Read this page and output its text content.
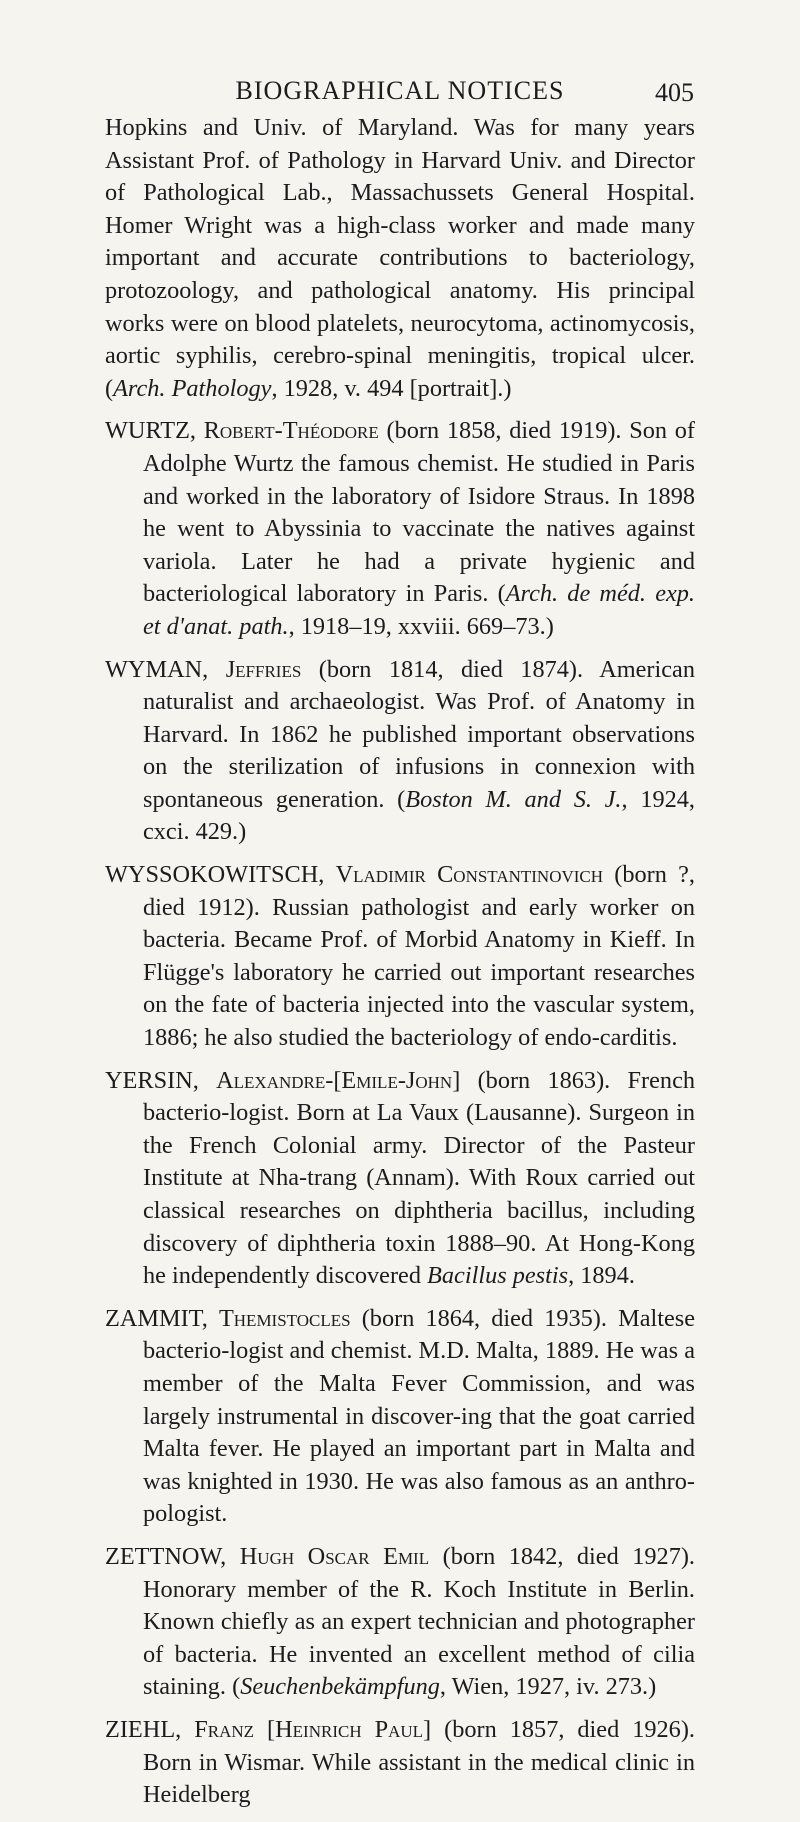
BIOGRAPHICAL NOTICES	405

Hopkins and Univ. of Maryland. Was for many years Assistant Prof. of Pathology in Harvard Univ. and Director of Pathological Lab., Massachussets General Hospital. Homer Wright was a high-class worker and made many important and accurate contributions to bacteriology, protozoology, and pathological anatomy. His principal works were on blood platelets, neurocytoma, actinomycosis, aortic syphilis, cerebro-spinal meningitis, tropical ulcer. (Arch. Pathology, 1928, v. 494 [portrait].)

WURTZ, Robert-Théodore (born 1858, died 1919). Son of Adolphe Wurtz the famous chemist. He studied in Paris and worked in the laboratory of Isidore Straus. In 1898 he went to Abyssinia to vaccinate the natives against variola. Later he had a private hygienic and bacteriological laboratory in Paris. (Arch. de méd. exp. et d'anat. path., 1918–19, xxviii. 669–73.)

WYMAN, Jeffries (born 1814, died 1874). American naturalist and archaeologist. Was Prof. of Anatomy in Harvard. In 1862 he published important observations on the sterilization of infusions in connexion with spontaneous generation. (Boston M. and S. J., 1924, cxci. 429.)

WYSSOKOWITSCH, Vladimir Constantinovich (born ?, died 1912). Russian pathologist and early worker on bacteria. Became Prof. of Morbid Anatomy in Kieff. In Flügge's laboratory he carried out important researches on the fate of bacteria injected into the vascular system, 1886; he also studied the bacteriology of endo-carditis.

YERSIN, Alexandre-[Emile-John] (born 1863). French bacterio-logist. Born at La Vaux (Lausanne). Surgeon in the French Colonial army. Director of the Pasteur Institute at Nha-trang (Annam). With Roux carried out classical researches on diphtheria bacillus, including discovery of diphtheria toxin 1888–90. At Hong-Kong he independently discovered Bacillus pestis, 1894.

ZAMMIT, Themistocles (born 1864, died 1935). Maltese bacterio-logist and chemist. M.D. Malta, 1889. He was a member of the Malta Fever Commission, and was largely instrumental in discover-ing that the goat carried Malta fever. He played an important part in Malta and was knighted in 1930. He was also famous as an anthro-pologist.

ZETTNOW, Hugh Oscar Emil (born 1842, died 1927). Honorary member of the R. Koch Institute in Berlin. Known chiefly as an expert technician and photographer of bacteria. He invented an excellent method of cilia staining. (Seuchenbekämpfung, Wien, 1927, iv. 273.)

ZIEHL, Franz [Heinrich Paul] (born 1857, died 1926). Born in Wismar. While assistant in the medical clinic in Heidelberg
